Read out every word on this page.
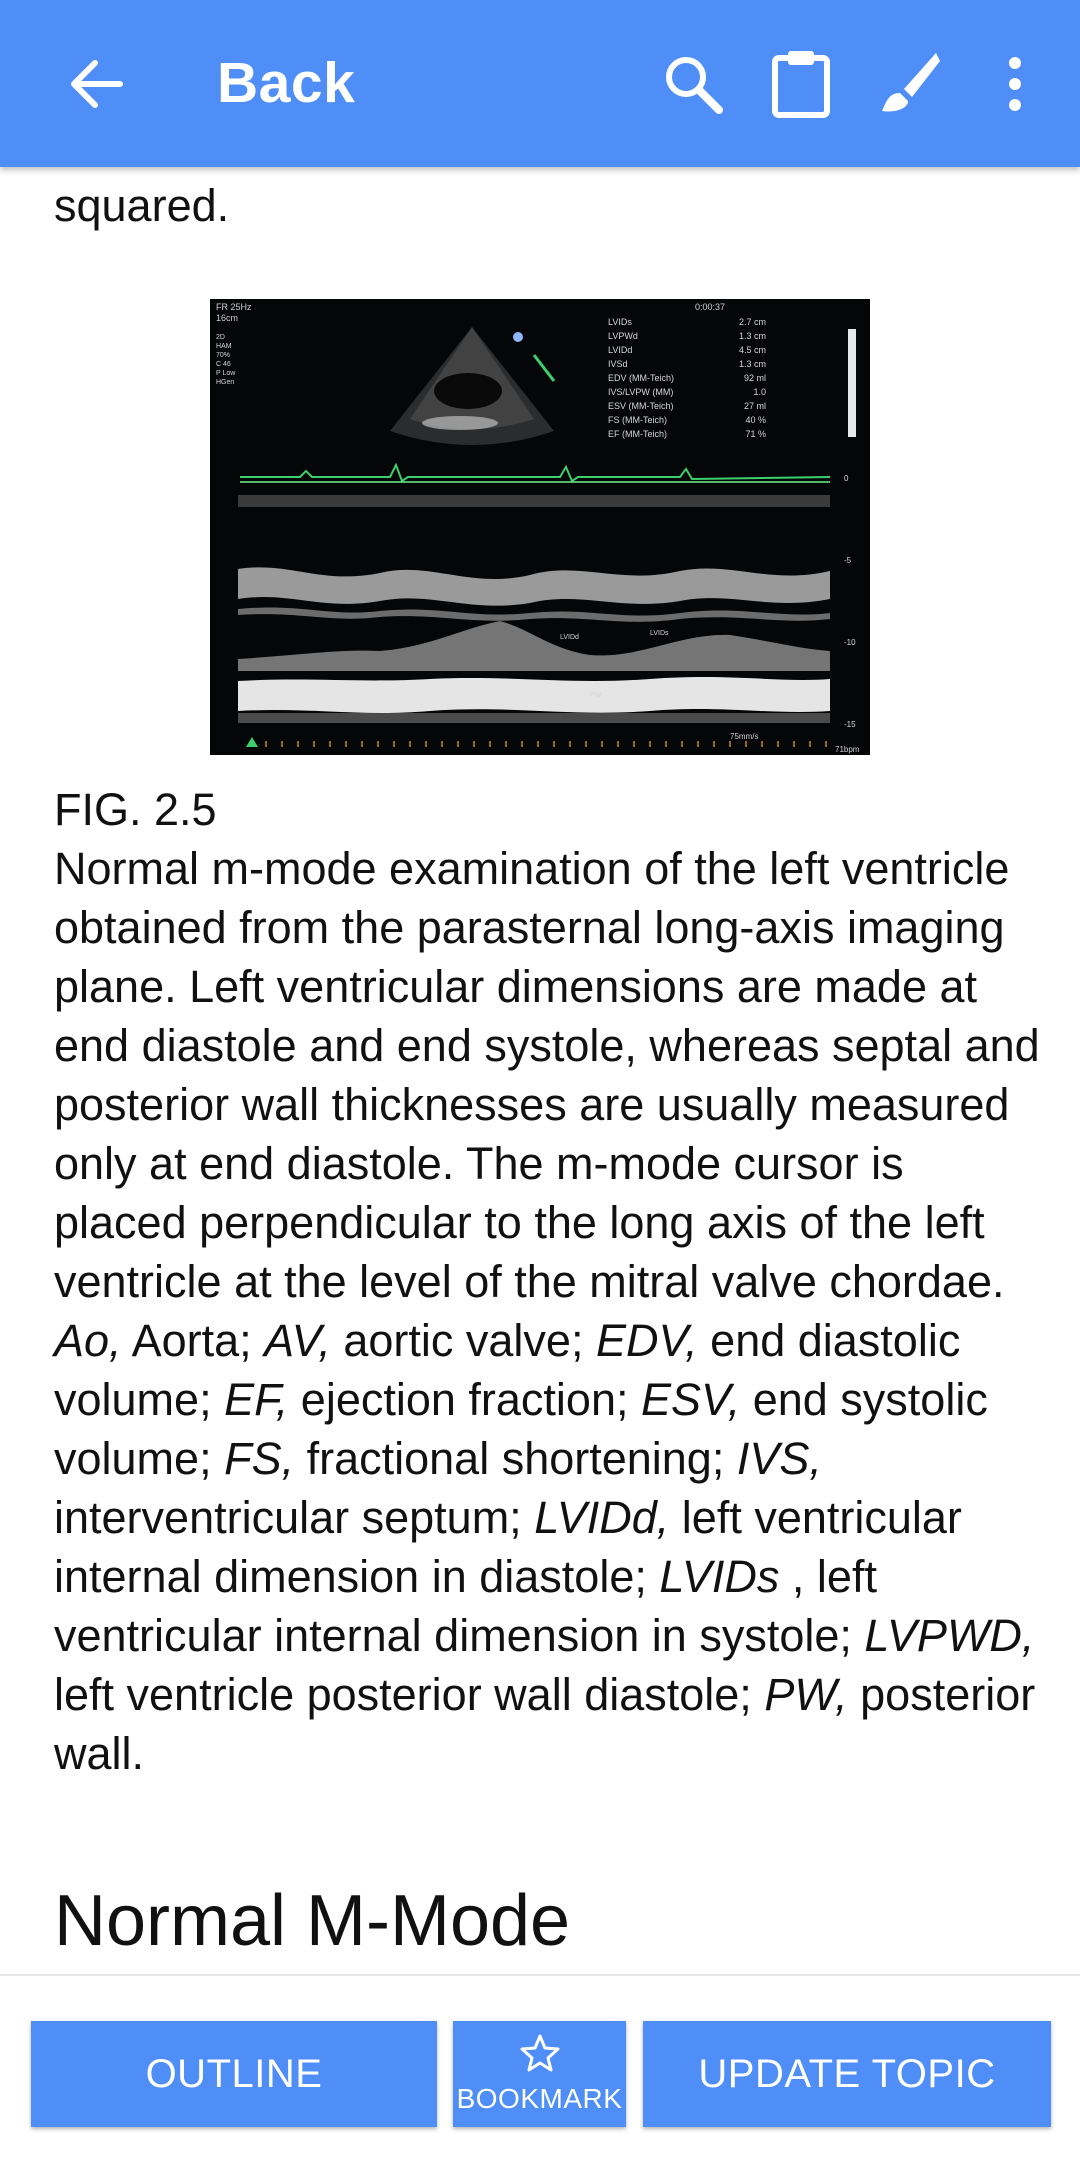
Back

squared.

FR 25Hz
16cm
0:00:37
2D
HAM
70%
C 46
P Low
HGen
LVIDs	2.7 cm
LVPWd	1.3 cm
LVIDd	4.5 cm
IVSd	1.3 cm
EDV (MM-Teich)	92 ml
IVS/LVPW (MM)	1.0
ESV (MM-Teich)	27 ml
FS (MM-Teich)	40 %
EF (MM-Teich)	71 %
LVIDd
LVIDs
PW
0
-5
-10
-15
75mm/s
71bpm

FIG. 2.5

Normal m-mode examination of the left ventricle obtained from the parasternal long-axis imaging plane. Left ventricular dimensions are made at end diastole and end systole, whereas septal and posterior wall thicknesses are usually measured only at end diastole. The m-mode cursor is placed perpendicular to the long axis of the left ventricle at the level of the mitral valve chordae. Ao, Aorta; AV, aortic valve; EDV, end diastolic volume; EF, ejection fraction; ESV, end systolic volume; FS, fractional shortening; IVS, interventricular septum; LVIDd, left ventricular internal dimension in diastole; LVIDs , left ventricular internal dimension in systole; LVPWD, left ventricle posterior wall diastole; PW, posterior wall.

Normal M-Mode
OUTLINE
BOOKMARK
UPDATE TOPIC
